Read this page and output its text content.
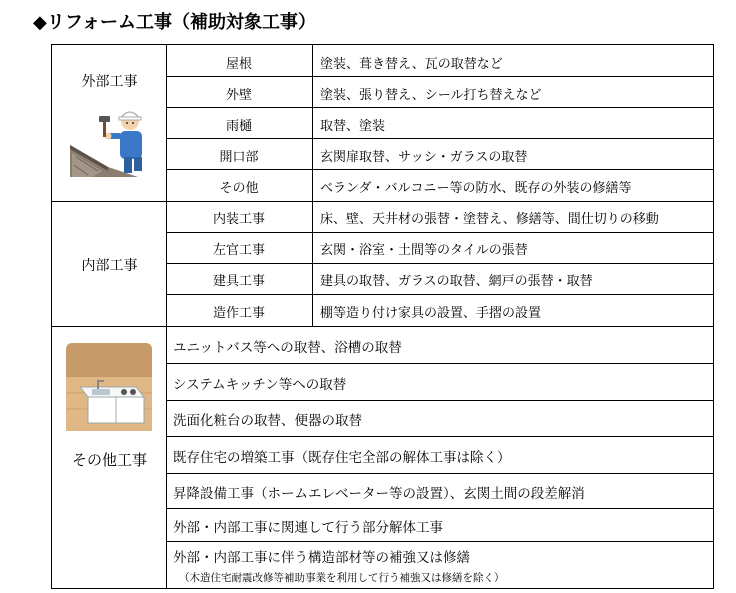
◆リフォーム工事（補助対象工事）
外部工事
屋根	塗装、葺き替え、瓦の取替など
外壁	塗装、張り替え、シール打ち替えなど
雨樋	取替、塗装
開口部	玄関扉取替、サッシ・ガラスの取替
その他	ベランダ・バルコニー等の防水、既存の外装の修繕等
内部工事
内装工事	床、壁、天井材の張替・塗替え、修繕等、間仕切りの移動
左官工事	玄関・浴室・土間等のタイルの張替
建具工事	建具の取替、ガラスの取替、網戸の張替・取替
造作工事	棚等造り付け家具の設置、手摺の設置
その他工事
ユニットバス等への取替、浴槽の取替
システムキッチン等への取替
洗面化粧台の取替、便器の取替
既存住宅の増築工事（既存住宅全部の解体工事は除く）
昇降設備工事（ホームエレベーター等の設置）、玄関土間の段差解消
外部・内部工事に関連して行う部分解体工事
外部・内部工事に伴う構造部材等の補強又は修繕
（木造住宅耐震改修等補助事業を利用して行う補強又は修繕を除く）
